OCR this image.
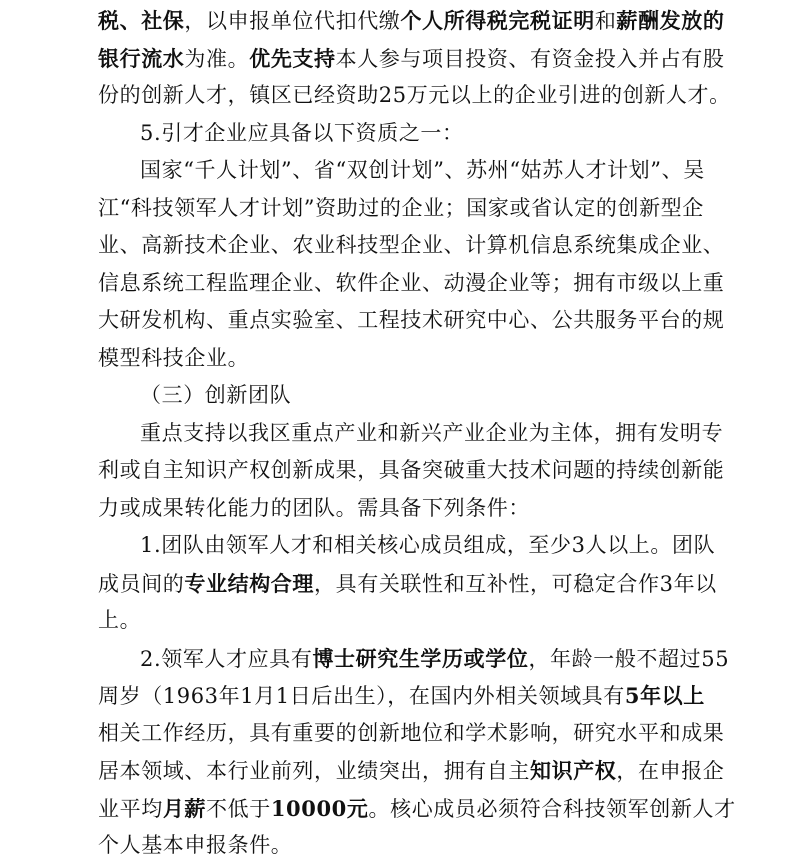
税、社保，以申报单位代扣代缴个人所得税完税证明和薪酬发放的
银行流水为准。优先支持本人参与项目投资、有资金投入并占有股
份的创新人才，镇区已经资助25万元以上的企业引进的创新人才。
5.引才企业应具备以下资质之一：
国家“千人计划”、省“双创计划”、苏州“姑苏人才计划”、吴
江“科技领军人才计划”资助过的企业；国家或省认定的创新型企
业、高新技术企业、农业科技型企业、计算机信息系统集成企业、
信息系统工程监理企业、软件企业、动漫企业等；拥有市级以上重
大研发机构、重点实验室、工程技术研究中心、公共服务平台的规
模型科技企业。
（三）创新团队
重点支持以我区重点产业和新兴产业企业为主体，拥有发明专
利或自主知识产权创新成果，具备突破重大技术问题的持续创新能
力或成果转化能力的团队。需具备下列条件：
1.团队由领军人才和相关核心成员组成，至少3人以上。团队
成员间的专业结构合理，具有关联性和互补性，可稳定合作3年以
上。
2.领军人才应具有博士研究生学历或学位，年龄一般不超过55
周岁（1963年1月1日后出生），在国内外相关领域具有5年以上
相关工作经历，具有重要的创新地位和学术影响，研究水平和成果
居本领域、本行业前列，业绩突出，拥有自主知识产权，在申报企
业平均月薪不低于10000元。核心成员必须符合科技领军创新人才
个人基本申报条件。
